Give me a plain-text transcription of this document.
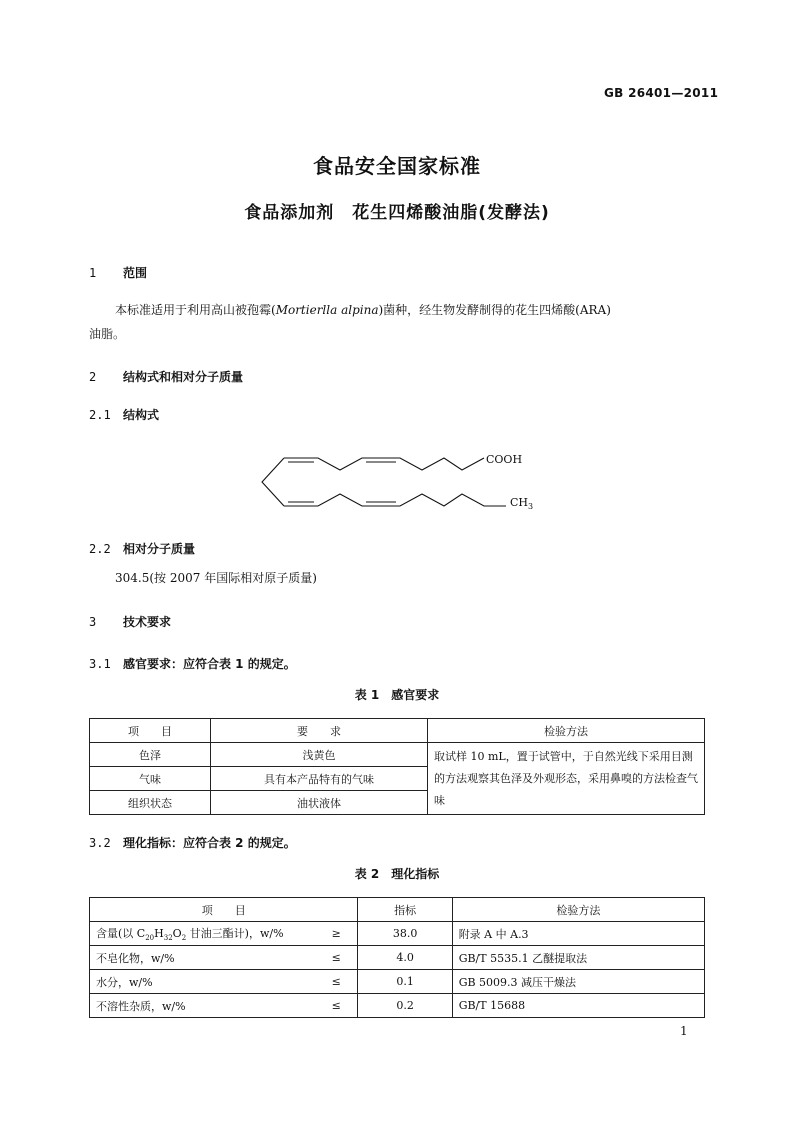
GB 26401—2011
食品安全国家标准
食品添加剂　花生四烯酸油脂(发酵法)
1 范围
本标准适用于利用高山被孢霉(Mortierlla alpina)菌种，经生物发酵制得的花生四烯酸(ARA)
油脂。
2 结构式和相对分子质量
2.1 结构式
COOH
$CH_3$
2.2 相对分子质量
304.5(按 2007 年国际相对原子质量)
3 技术要求
3.1 感官要求：应符合表 1 的规定。
表 1　感官要求
项　　目	要　　求	检验方法
色泽	浅黄色	取试样 10 mL，置于试管中，于自然光线下采用目测的方法观察其色泽及外观形态，采用鼻嗅的方法检查气味
气味	具有本产品特有的气味	
组织状态	油状液体	
3.2 理化指标：应符合表 2 的规定。
表 2　理化指标
项　　目		指标	检验方法
含量(以 $C_{20}H_{32}O_2$ 甘油三酯计)，w/%	≥	38.0	附录 A 中 A.3
不皂化物，w/%	≤	4.0	GB/T 5535.1 乙醚提取法
水分，w/%	≤	0.1	GB 5009.3 减压干燥法
不溶性杂质，w/%	≤	0.2	GB/T 15688
1
